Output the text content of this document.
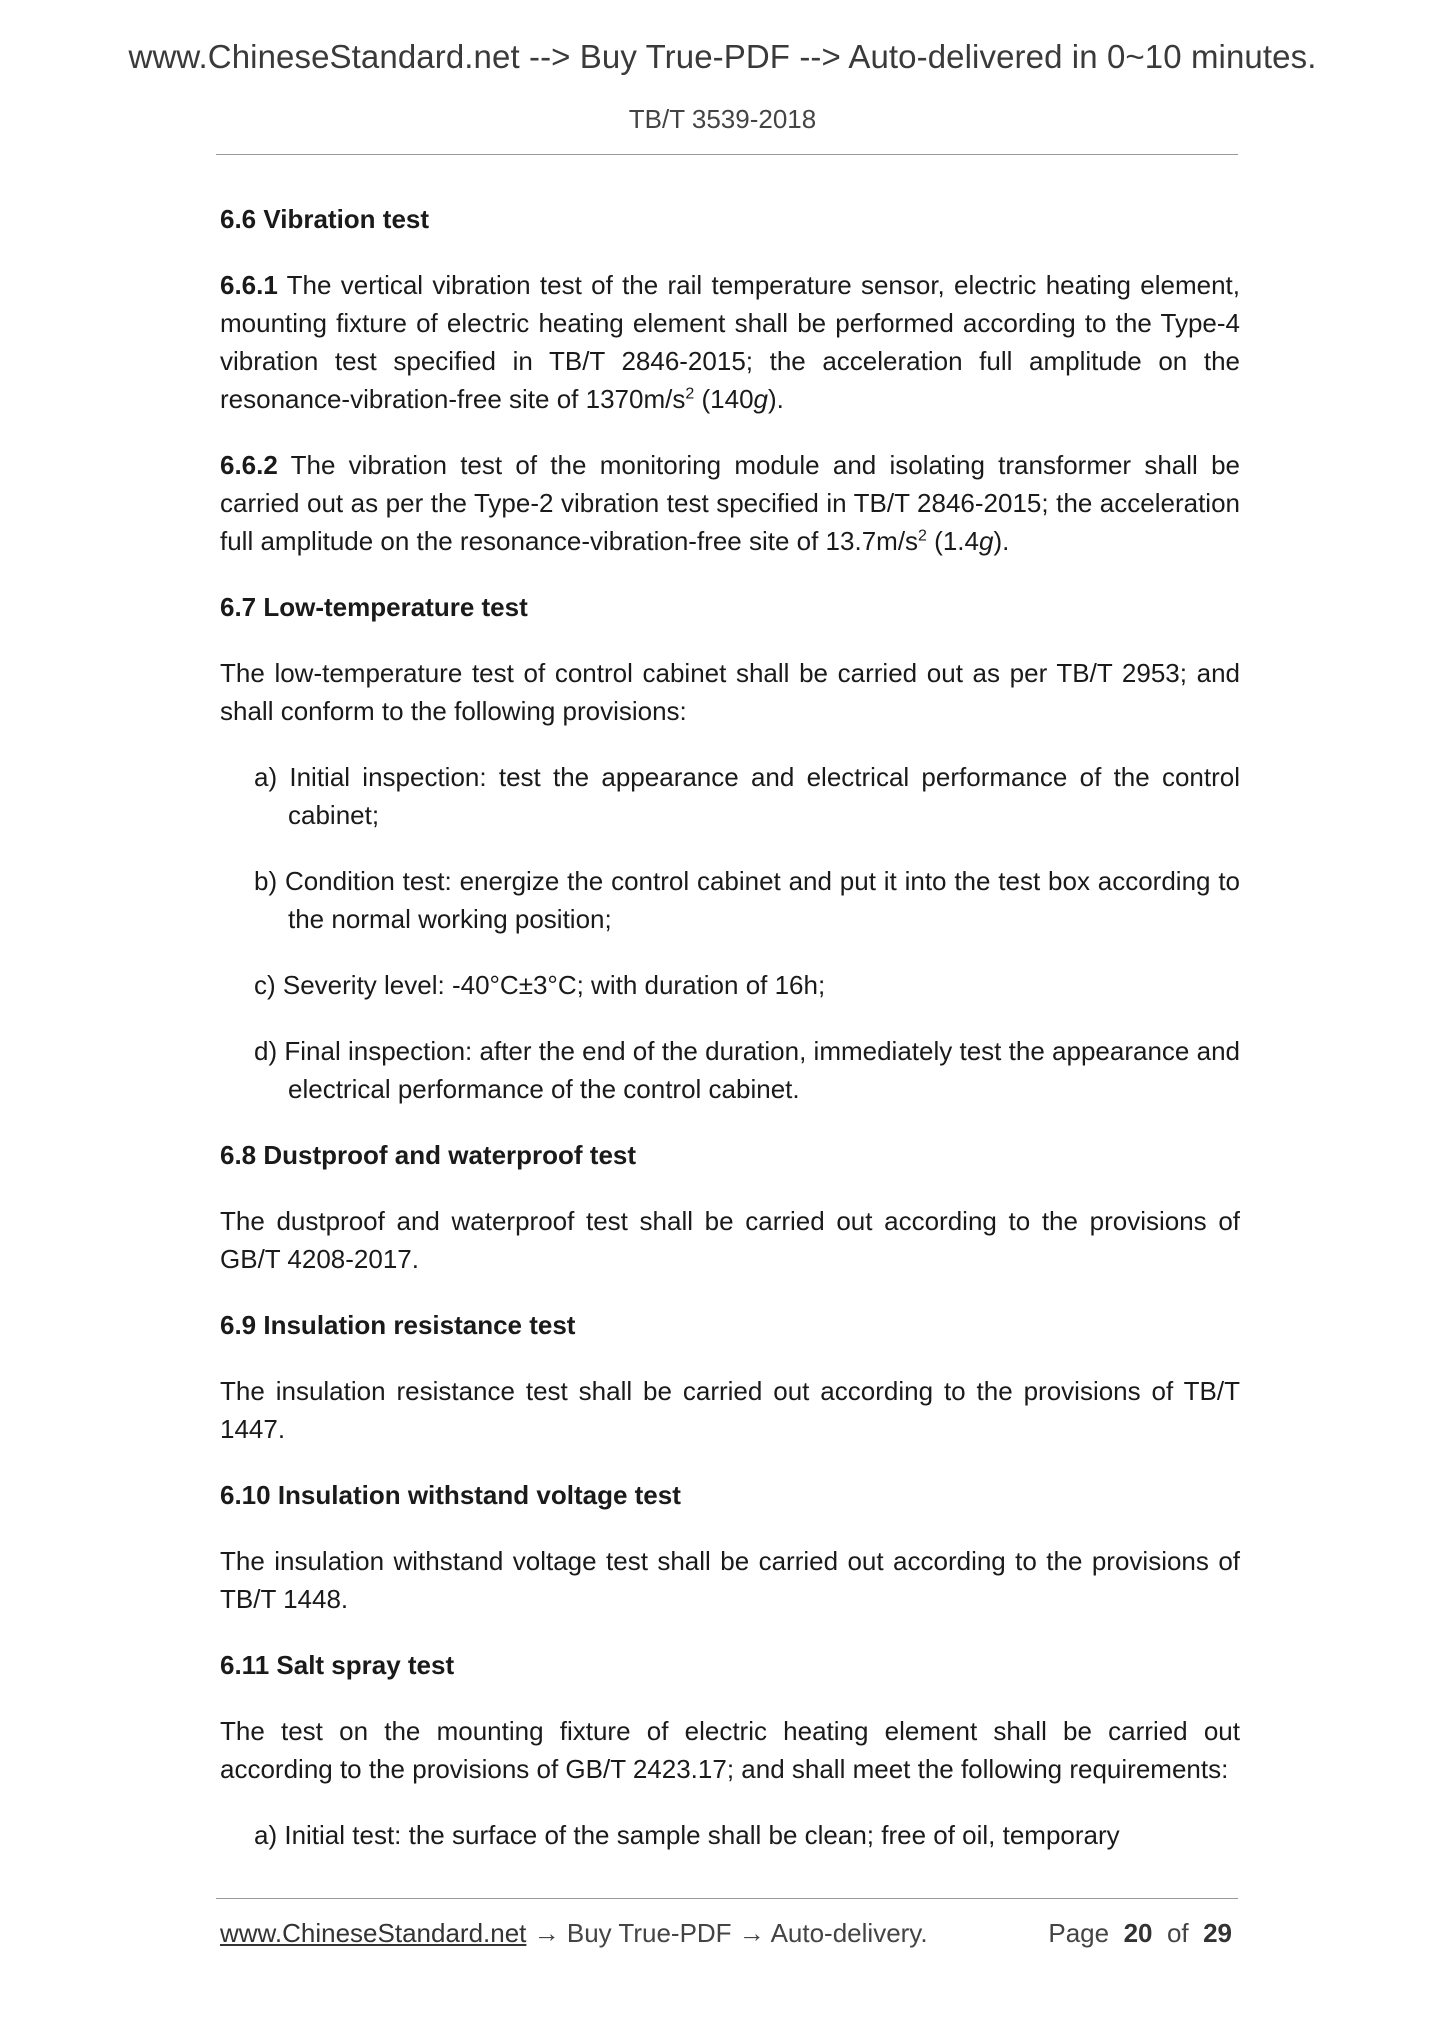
www.ChineseStandard.net --> Buy True-PDF --> Auto-delivered in 0~10 minutes.
TB/T 3539-2018
6.6 Vibration test

6.6.1 The vertical vibration test of the rail temperature sensor, electric heating element, mounting fixture of electric heating element shall be performed according to the Type-4 vibration test specified in TB/T 2846-2015; the acceleration full amplitude on the resonance-vibration-free site of $1370m/s^2$ (140g).

6.6.2 The vibration test of the monitoring module and isolating transformer shall be carried out as per the Type-2 vibration test specified in TB/T 2846-2015; the acceleration full amplitude on the resonance-vibration-free site of $13.7m/s^2$ (1.4g).

6.7 Low-temperature test

The low-temperature test of control cabinet shall be carried out as per TB/T 2953; and shall conform to the following provisions:

a) Initial inspection: test the appearance and electrical performance of the control cabinet;
b) Condition test: energize the control cabinet and put it into the test box according to the normal working position;
c) Severity level: -40°C±3°C; with duration of 16h;
d) Final inspection: after the end of the duration, immediately test the appearance and electrical performance of the control cabinet.
6.8 Dustproof and waterproof test

The dustproof and waterproof test shall be carried out according to the provisions of GB/T 4208-2017.

6.9 Insulation resistance test

The insulation resistance test shall be carried out according to the provisions of TB/T 1447.

6.10 Insulation withstand voltage test

The insulation withstand voltage test shall be carried out according to the provisions of TB/T 1448.

6.11 Salt spray test

The test on the mounting fixture of electric heating element shall be carried out according to the provisions of GB/T 2423.17; and shall meet the following requirements:

a) Initial test: the surface of the sample shall be clean; free of oil, temporary
www.ChineseStandard.net → Buy True-PDF → Auto-delivery.	Page 20 of 29
